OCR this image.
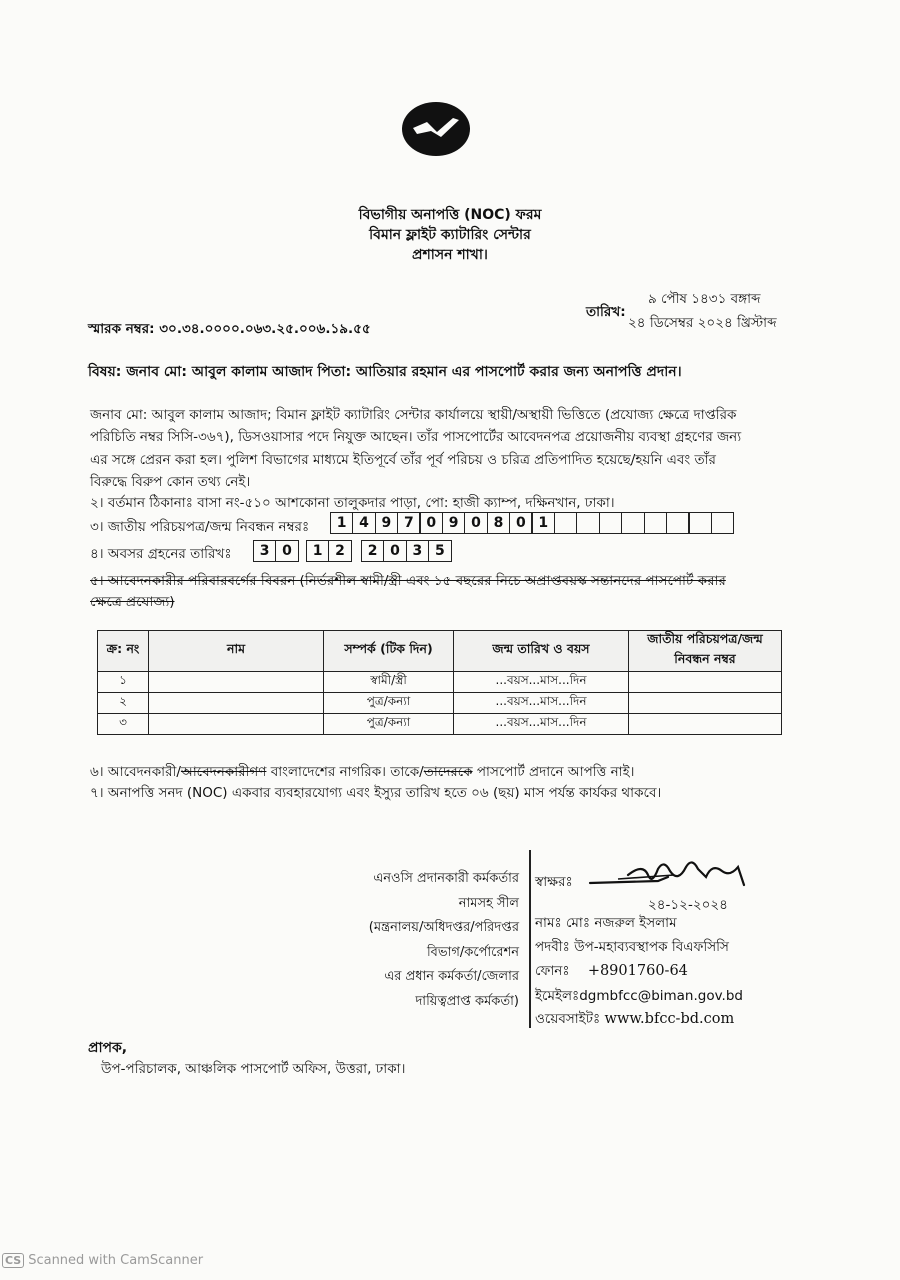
বিভাগীয় অনাপত্তি (NOC) ফরম
বিমান ফ্লাইট ক্যাটারিং সেন্টার
প্রশাসন শাখা।
স্মারক নম্বর: ৩০.৩৪.০০০০.০৬৩.২৫.০০৬.১৯.৫৫
তারিখ:
৯ পৌষ ১৪৩১ বঙ্গাব্দ
২৪ ডিসেম্বর ২০২৪ খ্রিস্টাব্দ
বিষয়: জনাব মো: আবুল কালাম আজাদ পিতা: আতিয়ার রহমান এর পাসপোর্ট করার জন্য অনাপত্তি প্রদান।
জনাব মো: আবুল কালাম আজাদ; বিমান ফ্লাইট ক্যাটারিং সেন্টার কার্যালয়ে স্থায়ী/অস্থায়ী ভিত্তিতে (প্রযোজ্য ক্ষেত্রে দাপ্তরিক
পরিচিতি নম্বর সিসি-৩৬৭), ডিসওয়াসার পদে নিযুক্ত আছেন। তাঁর পাসপোর্টের আবেদনপত্র প্রয়োজনীয় ব্যবস্থা গ্রহণের জন্য
এর সঙ্গে প্রেরন করা হল। পুলিশ বিভাগের মাধ্যমে ইতিপূর্বে তাঁর পূর্ব পরিচয় ও চরিত্র প্রতিপাদিত হয়েছে/হয়নি এবং তাঁর
বিরুদ্ধে বিরুপ কোন তথ্য নেই।
২। বর্তমান ঠিকানাঃ বাসা নং-৫১০ আশকোনা তালুকদার পাড়া, পো: হাজী ক্যাম্প, দক্ষিনখান, ঢাকা।
৩। জাতীয় পরিচয়পত্র/জন্ম নিবন্ধন নম্বরঃ	1 4 9 7 0 9 0 8 0 1
৪। অবসর গ্রহনের তারিখঃ	3 0	1 2	2 0 3 5
৫। আবেদনকারীর পরিবারবর্গের বিবরন (নির্ভরশীল স্বামী/স্ত্রী এবং ১৫ বছরের নিচে অপ্রাপ্তবয়স্ক সন্তানদের পাসপোর্ট করার
ক্ষেত্রে প্রযোজ্য)
ক্র: নং	নাম	সম্পর্ক (টিক দিন)	জন্ম তারিখ ও বয়স	জাতীয় পরিচয়পত্র/জন্ম নিবন্ধন নম্বর
১		স্বামী/স্ত্রী	...বয়স...মাস...দিন	
২		পুত্র/কন্যা	...বয়স...মাস...দিন	
৩		পুত্র/কন্যা	...বয়স...মাস...দিন	
৬। আবেদনকারী/আবেদনকারীগণ বাংলাদেশের নাগরিক। তাকে/তাদেরকে পাসপোর্ট প্রদানে আপত্তি নাই।
৭। অনাপত্তি সনদ (NOC) একবার ব্যবহারযোগ্য এবং ইস্যুর তারিখ হতে ০৬ (ছয়) মাস পর্যন্ত কার্যকর থাকবে।
এনওসি প্রদানকারী কর্মকর্তার
নামসহ সীল
(মন্ত্রনালয়/অধিদপ্তর/পরিদপ্তর
বিভাগ/কর্পোরেশন
এর প্রধান কর্মকর্তা/জেলার
দায়িত্বপ্রাপ্ত কর্মকর্তা)
স্বাক্ষরঃ
২৪-১২-২০২৪
নামঃ মোঃ নজরুল ইসলাম
পদবীঃ উপ-মহাব্যবস্থাপক বিএফসিসি
ফোনঃ +8901760-64
ইমেইলঃdgmbfcc@biman.gov.bd
ওয়েবসাইটঃ www.bfcc-bd.com
প্রাপক,
উপ-পরিচালক, আঞ্চলিক পাসপোর্ট অফিস, উত্তরা, ঢাকা।
CS Scanned with CamScanner
